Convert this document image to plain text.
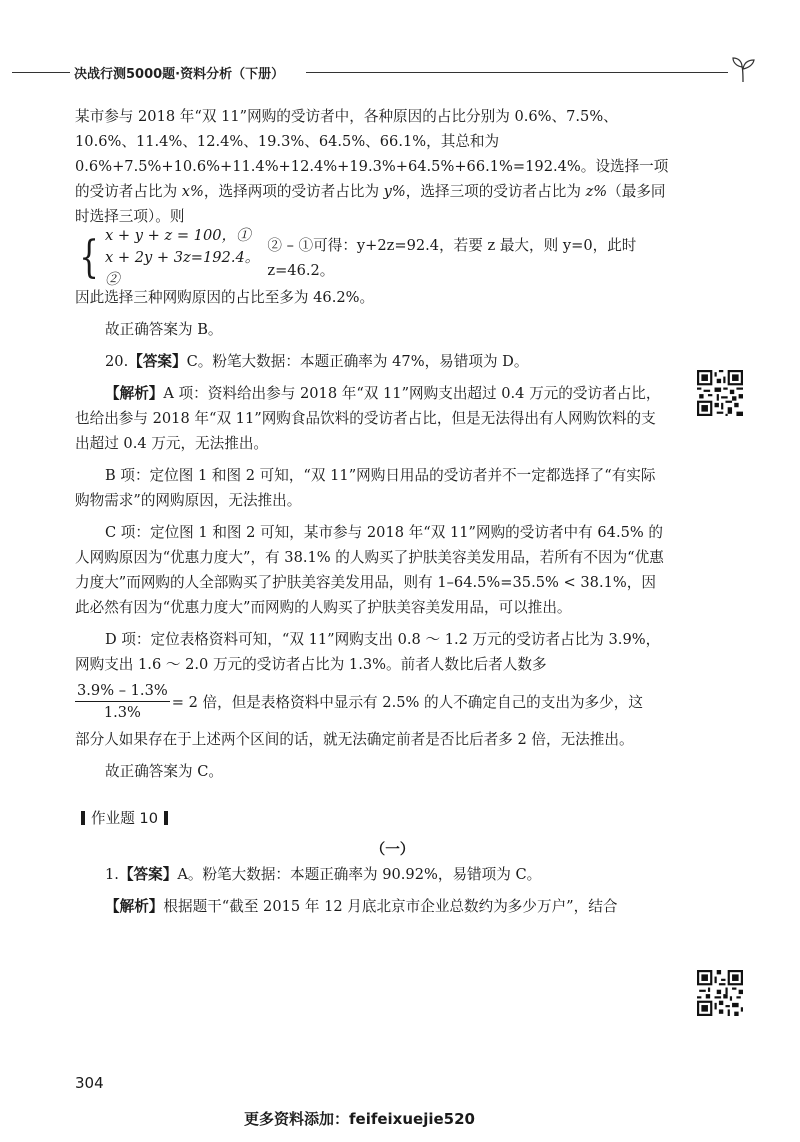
决战行测5000题·资料分析（下册）

某市参与 2018 年“双 11”网购的受访者中，各种原因的占比分别为 0.6%、7.5%、10.6%、11.4%、12.4%、19.3%、64.5%、66.1%，其总和为 0.6%+7.5%+10.6%+11.4%+12.4%+19.3%+64.5%+66.1%=192.4%。设选择一项的受访者占比为 x%，选择两项的受访者占比为 y%，选择三项的受访者占比为 z%（最多同时选择三项）。则

{ x + y + z = 100，①
x + 2y + 3z=192.4。②
② – ①可得：y+2z=92.4，若要 z 最大，则 y=0，此时 z=46.2。

因此选择三种网购原因的占比至多为 46.2%。

故正确答案为 B。

20.【答案】C。粉笔大数据：本题正确率为 47%，易错项为 D。

【解析】A 项：资料给出参与 2018 年“双 11”网购支出超过 0.4 万元的受访者占比，也给出参与 2018 年“双 11”网购食品饮料的受访者占比，但是无法得出有人网购饮料的支出超过 0.4 万元，无法推出。

B 项：定位图 1 和图 2 可知，“双 11”网购日用品的受访者并不一定都选择了“有实际购物需求”的网购原因，无法推出。

C 项：定位图 1 和图 2 可知，某市参与 2018 年“双 11”网购的受访者中有 64.5% 的人网购原因为“优惠力度大”，有 38.1% 的人购买了护肤美容美发用品，若所有不因为“优惠力度大”而网购的人全部购买了护肤美容美发用品，则有 1–64.5%=35.5% < 38.1%，因此必然有因为“优惠力度大”而网购的人购买了护肤美容美发用品，可以推出。

D 项：定位表格资料可知，“双 11”网购支出 0.8 ～ 1.2 万元的受访者占比为 3.9%，网购支出 1.6 ～ 2.0 万元的受访者占比为 1.3%。前者人数比后者人数多

$\frac{3.9\% - 1.3\%}{1.3\%} = 2$ 倍，但是表格资料中显示有 2.5% 的人不确定自己的支出为多少，这

部分人如果存在于上述两个区间的话，就无法确定前者是否比后者多 2 倍，无法推出。

故正确答案为 C。

作业题 10
（一）

1.【答案】A。粉笔大数据：本题正确率为 90.92%，易错项为 C。

【解析】根据题干“截至 2015 年 12 月底北京市企业总数约为多少万户”，结合

304
更多资料添加：feifeixuejie520
